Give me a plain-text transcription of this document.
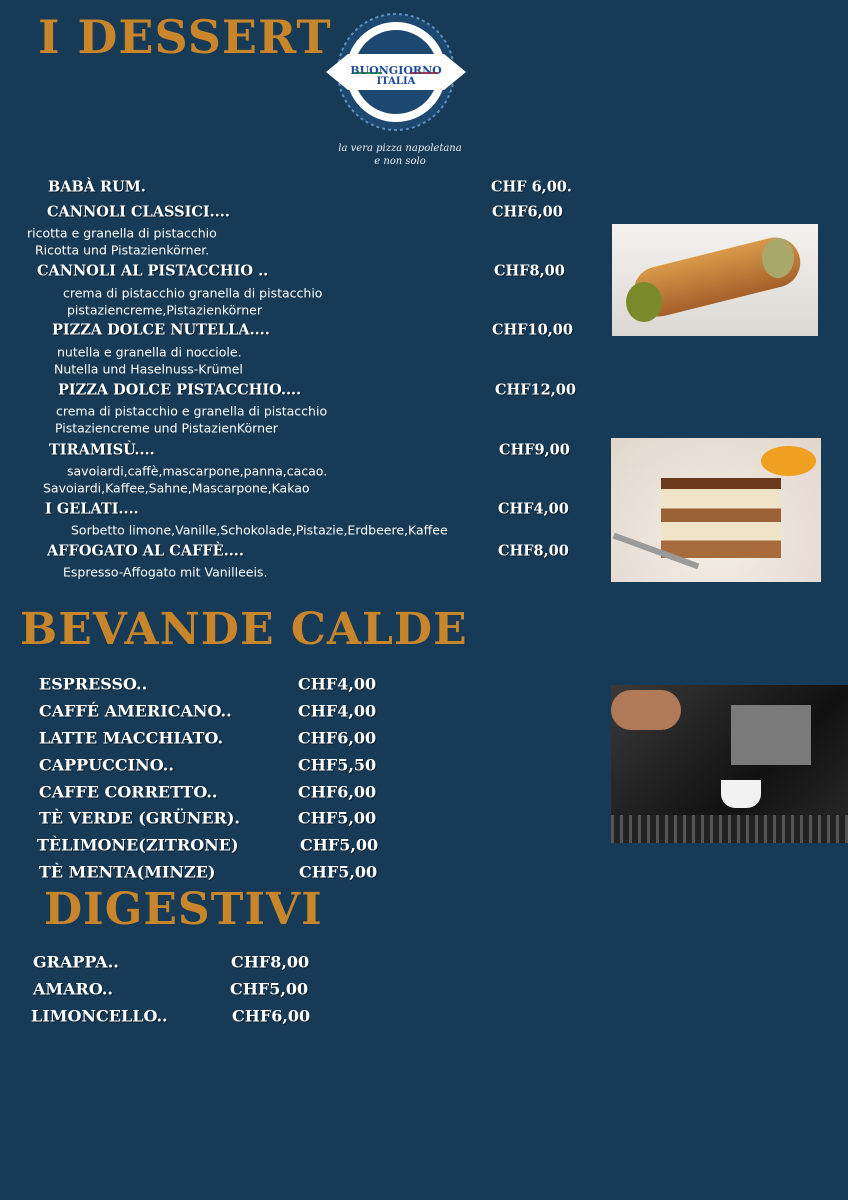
I DESSERT
BUONGIORNO
ITALIA
la vera pizza napoletana
e non solo
BABÀ RUM.	CHF 6,00.
CANNOLI CLASSICI....	CHF6,00
ricotta e granella di pistacchio
Ricotta und Pistazienkörner.
CANNOLI AL PISTACCHIO ..	CHF8,00
crema di pistacchio granella di pistacchio
pistaziencreme,Pistazienkörner
PIZZA DOLCE NUTELLA....	CHF10,00
nutella e granella di nocciole.
Nutella und Haselnuss-Krümel
PIZZA DOLCE PISTACCHIO....	CHF12,00
crema di pistacchio e granella di pistacchio
Pistaziencreme und PistazienKörner
TIRAMISÙ....	CHF9,00
savoiardi,caffè,mascarpone,panna,cacao.
Savoiardi,Kaffee,Sahne,Mascarpone,Kakao
I GELATI....	CHF4,00
Sorbetto limone,Vanille,Schokolade,Pistazie,Erdbeere,Kaffee
AFFOGATO AL CAFFÈ....	CHF8,00
Espresso-Affogato mit Vanilleeis.
BEVANDE CALDE
ESPRESSO..	CHF4,00
CAFFÉ AMERICANO..	CHF4,00
LATTE MACCHIATO.	CHF6,00
CAPPUCCINO..	CHF5,50
CAFFE CORRETTO..	CHF6,00
TÈ VERDE (GRÜNER).	CHF5,00
TÈLIMONE(ZITRONE)	CHF5,00
TÈ MENTA(MINZE)	CHF5,00
DIGESTIVI
GRAPPA..	CHF8,00
AMARO..	CHF5,00
LIMONCELLO..	CHF6,00
